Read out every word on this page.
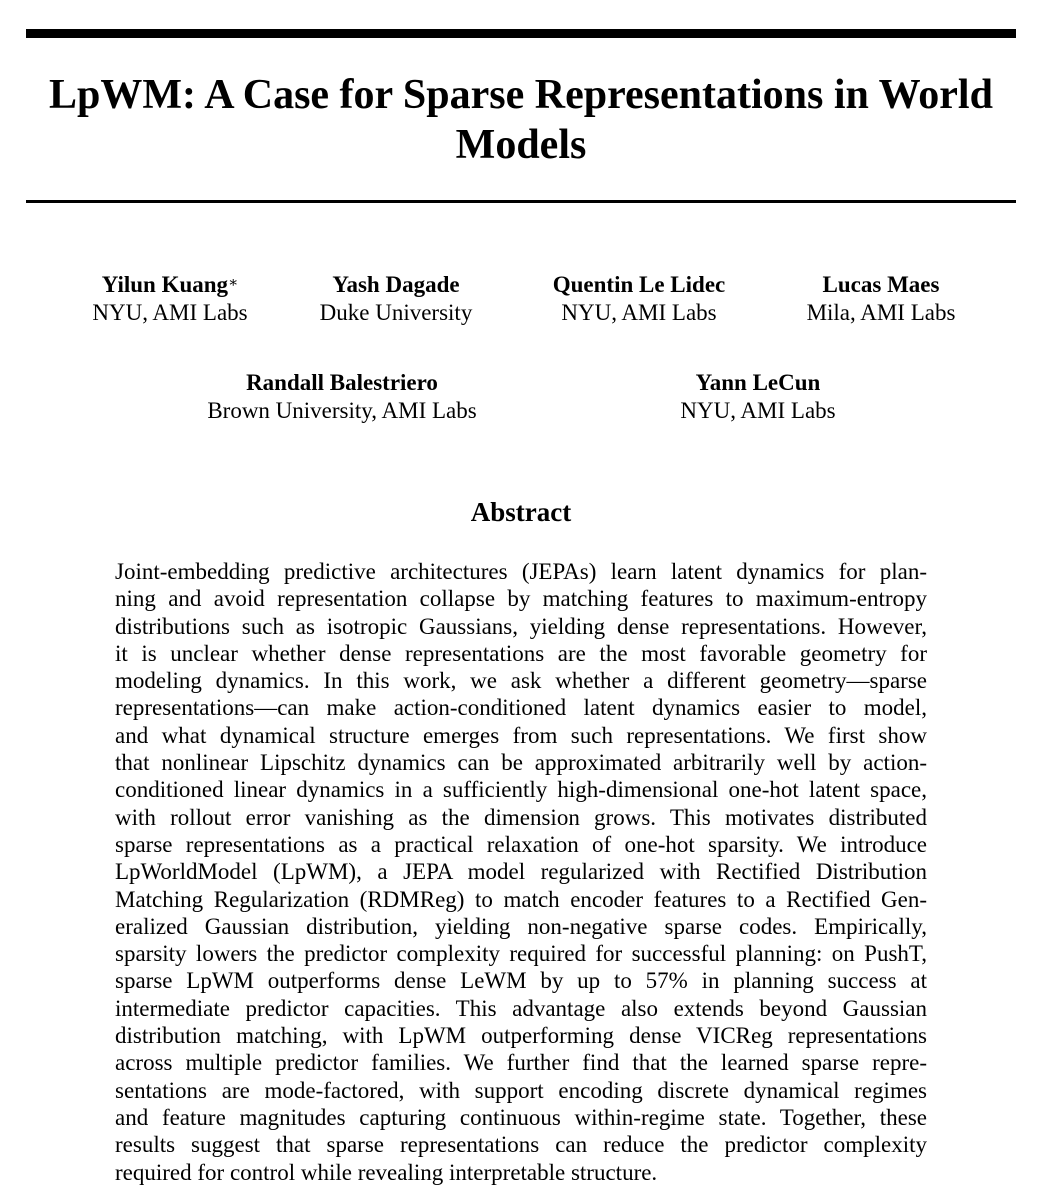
LpWM: A Case for Sparse Representations in World Models
Yilun Kuang∗
NYU, AMI Labs
Yash Dagade
Duke University
Quentin Le Lidec
NYU, AMI Labs
Lucas Maes
Mila, AMI Labs
Randall Balestriero
Brown University, AMI Labs
Yann LeCun
NYU, AMI Labs
Abstract
Joint-embedding predictive architectures (JEPAs) learn latent dynamics for plan-
ning and avoid representation collapse by matching features to maximum-entropy
distributions such as isotropic Gaussians, yielding dense representations. However,
it is unclear whether dense representations are the most favorable geometry for
modeling dynamics. In this work, we ask whether a different geometry—sparse
representations—can make action-conditioned latent dynamics easier to model,
and what dynamical structure emerges from such representations. We first show
that nonlinear Lipschitz dynamics can be approximated arbitrarily well by action-
conditioned linear dynamics in a sufficiently high-dimensional one-hot latent space,
with rollout error vanishing as the dimension grows. This motivates distributed
sparse representations as a practical relaxation of one-hot sparsity. We introduce
LpWorldModel (LpWM), a JEPA model regularized with Rectified Distribution
Matching Regularization (RDMReg) to match encoder features to a Rectified Gen-
eralized Gaussian distribution, yielding non-negative sparse codes. Empirically,
sparsity lowers the predictor complexity required for successful planning: on PushT,
sparse LpWM outperforms dense LeWM by up to 57% in planning success at
intermediate predictor capacities. This advantage also extends beyond Gaussian
distribution matching, with LpWM outperforming dense VICReg representations
across multiple predictor families. We further find that the learned sparse repre-
sentations are mode-factored, with support encoding discrete dynamical regimes
and feature magnitudes capturing continuous within-regime state. Together, these
results suggest that sparse representations can reduce the predictor complexity
required for control while revealing interpretable structure.
